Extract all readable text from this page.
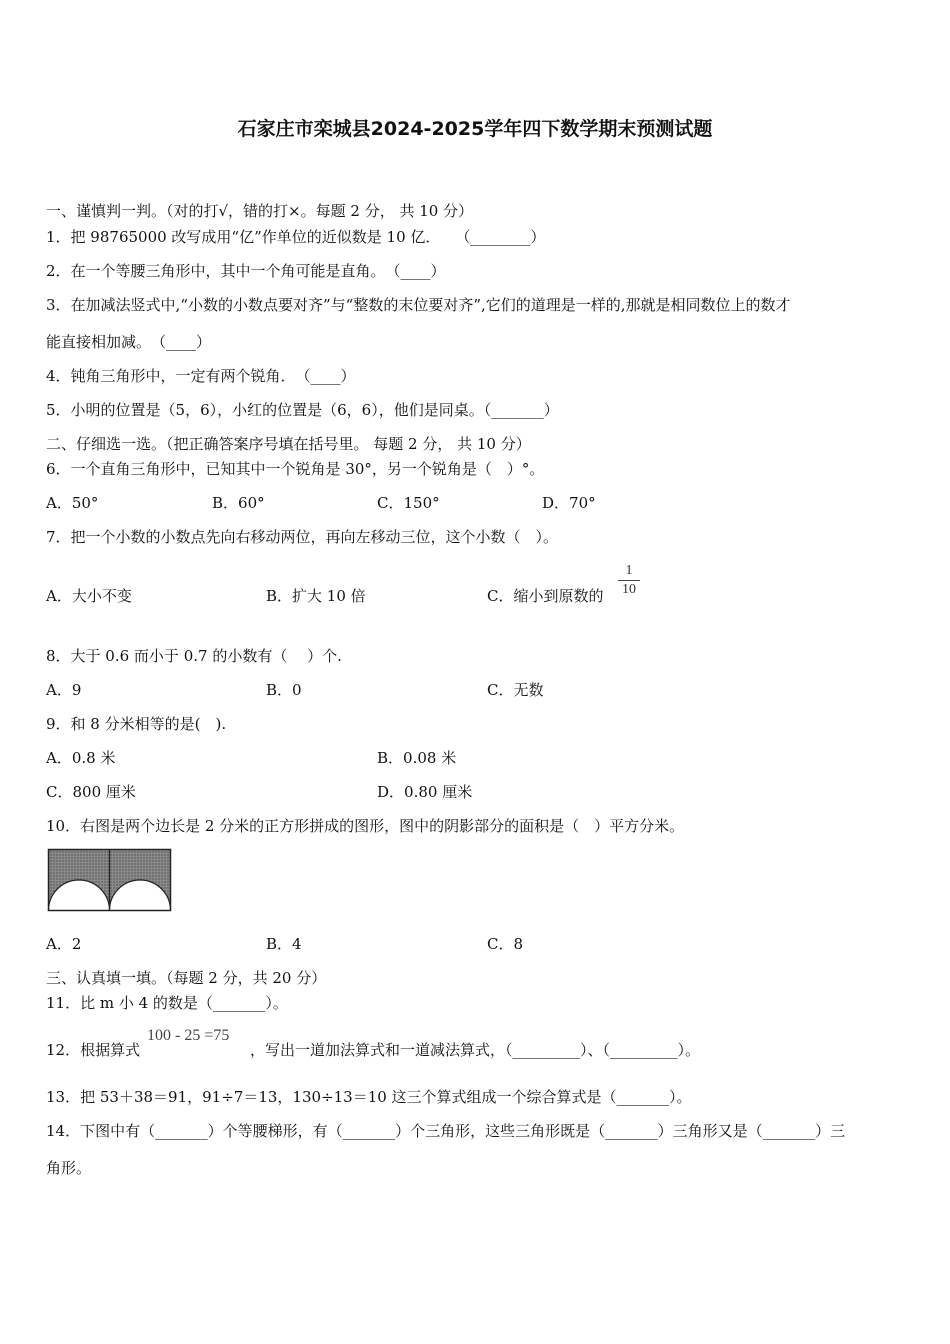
石家庄市栾城县2024-2025学年四下数学期末预测试题
一、谨慎判一判。（对的打√，错的打×。每题 2 分， 共 10 分）
1．把 98765000 改写成用“亿”作单位的近似数是 10 亿．　　（________）
2．在一个等腰三角形中，其中一个角可能是直角。　（____）
3．在加减法竖式中,“小数的小数点要对齐”与“整数的末位要对齐”,它们的道理是一样的,那就是相同数位上的数才
能直接相加减。　（____）
4．钝角三角形中，一定有两个锐角．　（____）
5．小明的位置是（5，6），小红的位置是（6，6），他们是同桌。（_______）
二、仔细选一选。（把正确答案序号填在括号里。 每题 2 分， 共 10 分）
6．一个直角三角形中，已知其中一个锐角是 30°，另一个锐角是（　）°。
A．50°	B．60°	C．150°	D．70°
7．把一个小数的小数点先向右移动两位，再向左移动三位，这个小数（　）。
A．大小不变	B．扩大 10 倍	C．缩小到原数的
1
10
8．大于 0.6 而小于 0.7 的小数有（　 ）个.
A．9	B．0	C．无数
9．和 8 分米相等的是(　).
A．0.8 米	B．0.08 米
C．800 厘米	D．0.80 厘米
10．右图是两个边长是 2 分米的正方形拼成的图形，图中的阴影部分的面积是（　）平方分米。
A．2	B．4	C．8
三、认真填一填。（每题 2 分，共 20 分）
11．比 m 小 4 的数是（_______）。
12．根据算式
100 - 25 =75
，写出一道加法算式和一道减法算式，（_________）、（_________）。
13．把 53＋38＝91，91÷7＝13，130÷13＝10 这三个算式组成一个综合算式是（_______）。
14．下图中有（_______）个等腰梯形，有（_______）个三角形，这些三角形既是（_______）三角形又是（_______）三
角形。
